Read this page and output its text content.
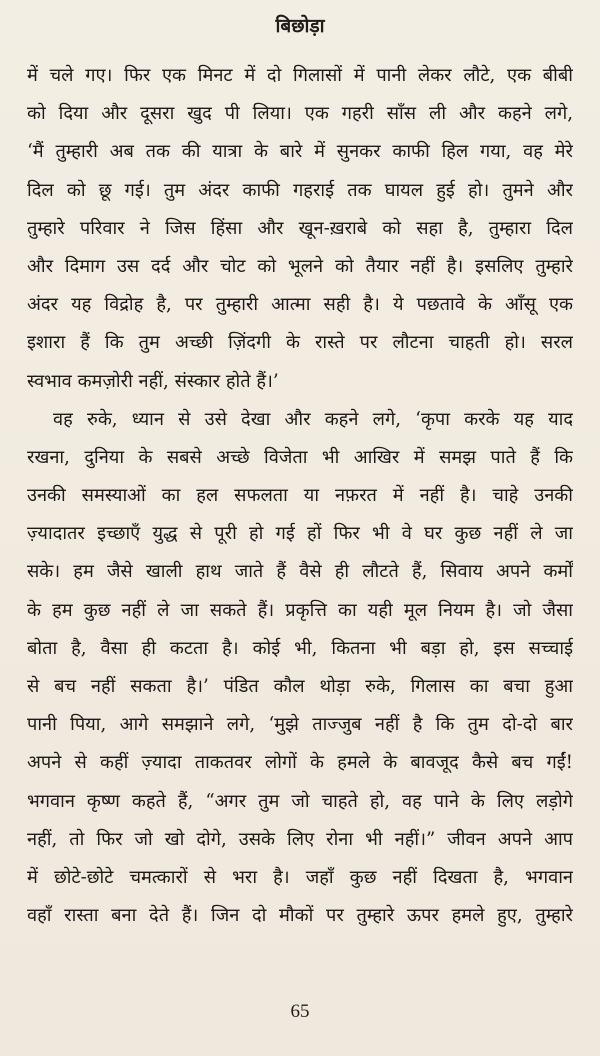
बिछोड़ा
में चले गए। फिर एक मिनट में दो गिलासों में पानी लेकर लौटे, एक बीबी
को दिया और दूसरा खुद पी लिया। एक गहरी साँस ली और कहने लगे,
‘मैं तुम्हारी अब तक की यात्रा के बारे में सुनकर काफी हिल गया, वह मेरे
दिल को छू गई। तुम अंदर काफी गहराई तक घायल हुई हो। तुमने और
तुम्हारे परिवार ने जिस हिंसा और खून-ख़राबे को सहा है, तुम्हारा दिल
और दिमाग उस दर्द और चोट को भूलने को तैयार नहीं है। इसलिए तुम्हारे
अंदर यह विद्रोह है, पर तुम्हारी आत्मा सही है। ये पछतावे के आँसू एक
इशारा हैं कि तुम अच्छी ज़िंदगी के रास्ते पर लौटना चाहती हो। सरल
स्वभाव कमज़ोरी नहीं, संस्कार होते हैं।’
वह रुके, ध्यान से उसे देखा और कहने लगे, ‘कृपा करके यह याद
रखना, दुनिया के सबसे अच्छे विजेता भी आखिर में समझ पाते हैं कि
उनकी समस्याओं का हल सफलता या नफ़रत में नहीं है। चाहे उनकी
ज़्यादातर इच्छाएँ युद्ध से पूरी हो गई हों फिर भी वे घर कुछ नहीं ले जा
सके। हम जैसे खाली हाथ जाते हैं वैसे ही लौटते हैं, सिवाय अपने कर्मों
के हम कुछ नहीं ले जा सकते हैं। प्रकृत्ति का यही मूल नियम है। जो जैसा
बोता है, वैसा ही कटता है। कोई भी, कितना भी बड़ा हो, इस सच्चाई
से बच नहीं सकता है।’ पंडित कौल थोड़ा रुके, गिलास का बचा हुआ
पानी पिया, आगे समझाने लगे, ‘मुझे ताज्जुब नहीं है कि तुम दो-दो बार
अपने से कहीं ज़्यादा ताकतवर लोगों के हमले के बावजूद कैसे बच गईं!
भगवान कृष्ण कहते हैं, “अगर तुम जो चाहते हो, वह पाने के लिए लड़ोगे
नहीं, तो फिर जो खो दोगे, उसके लिए रोना भी नहीं।” जीवन अपने आप
में छोटे-छोटे चमत्कारों से भरा है। जहाँ कुछ नहीं दिखता है, भगवान
वहाँ रास्ता बना देते हैं। जिन दो मौकों पर तुम्हारे ऊपर हमले हुए, तुम्हारे
65
